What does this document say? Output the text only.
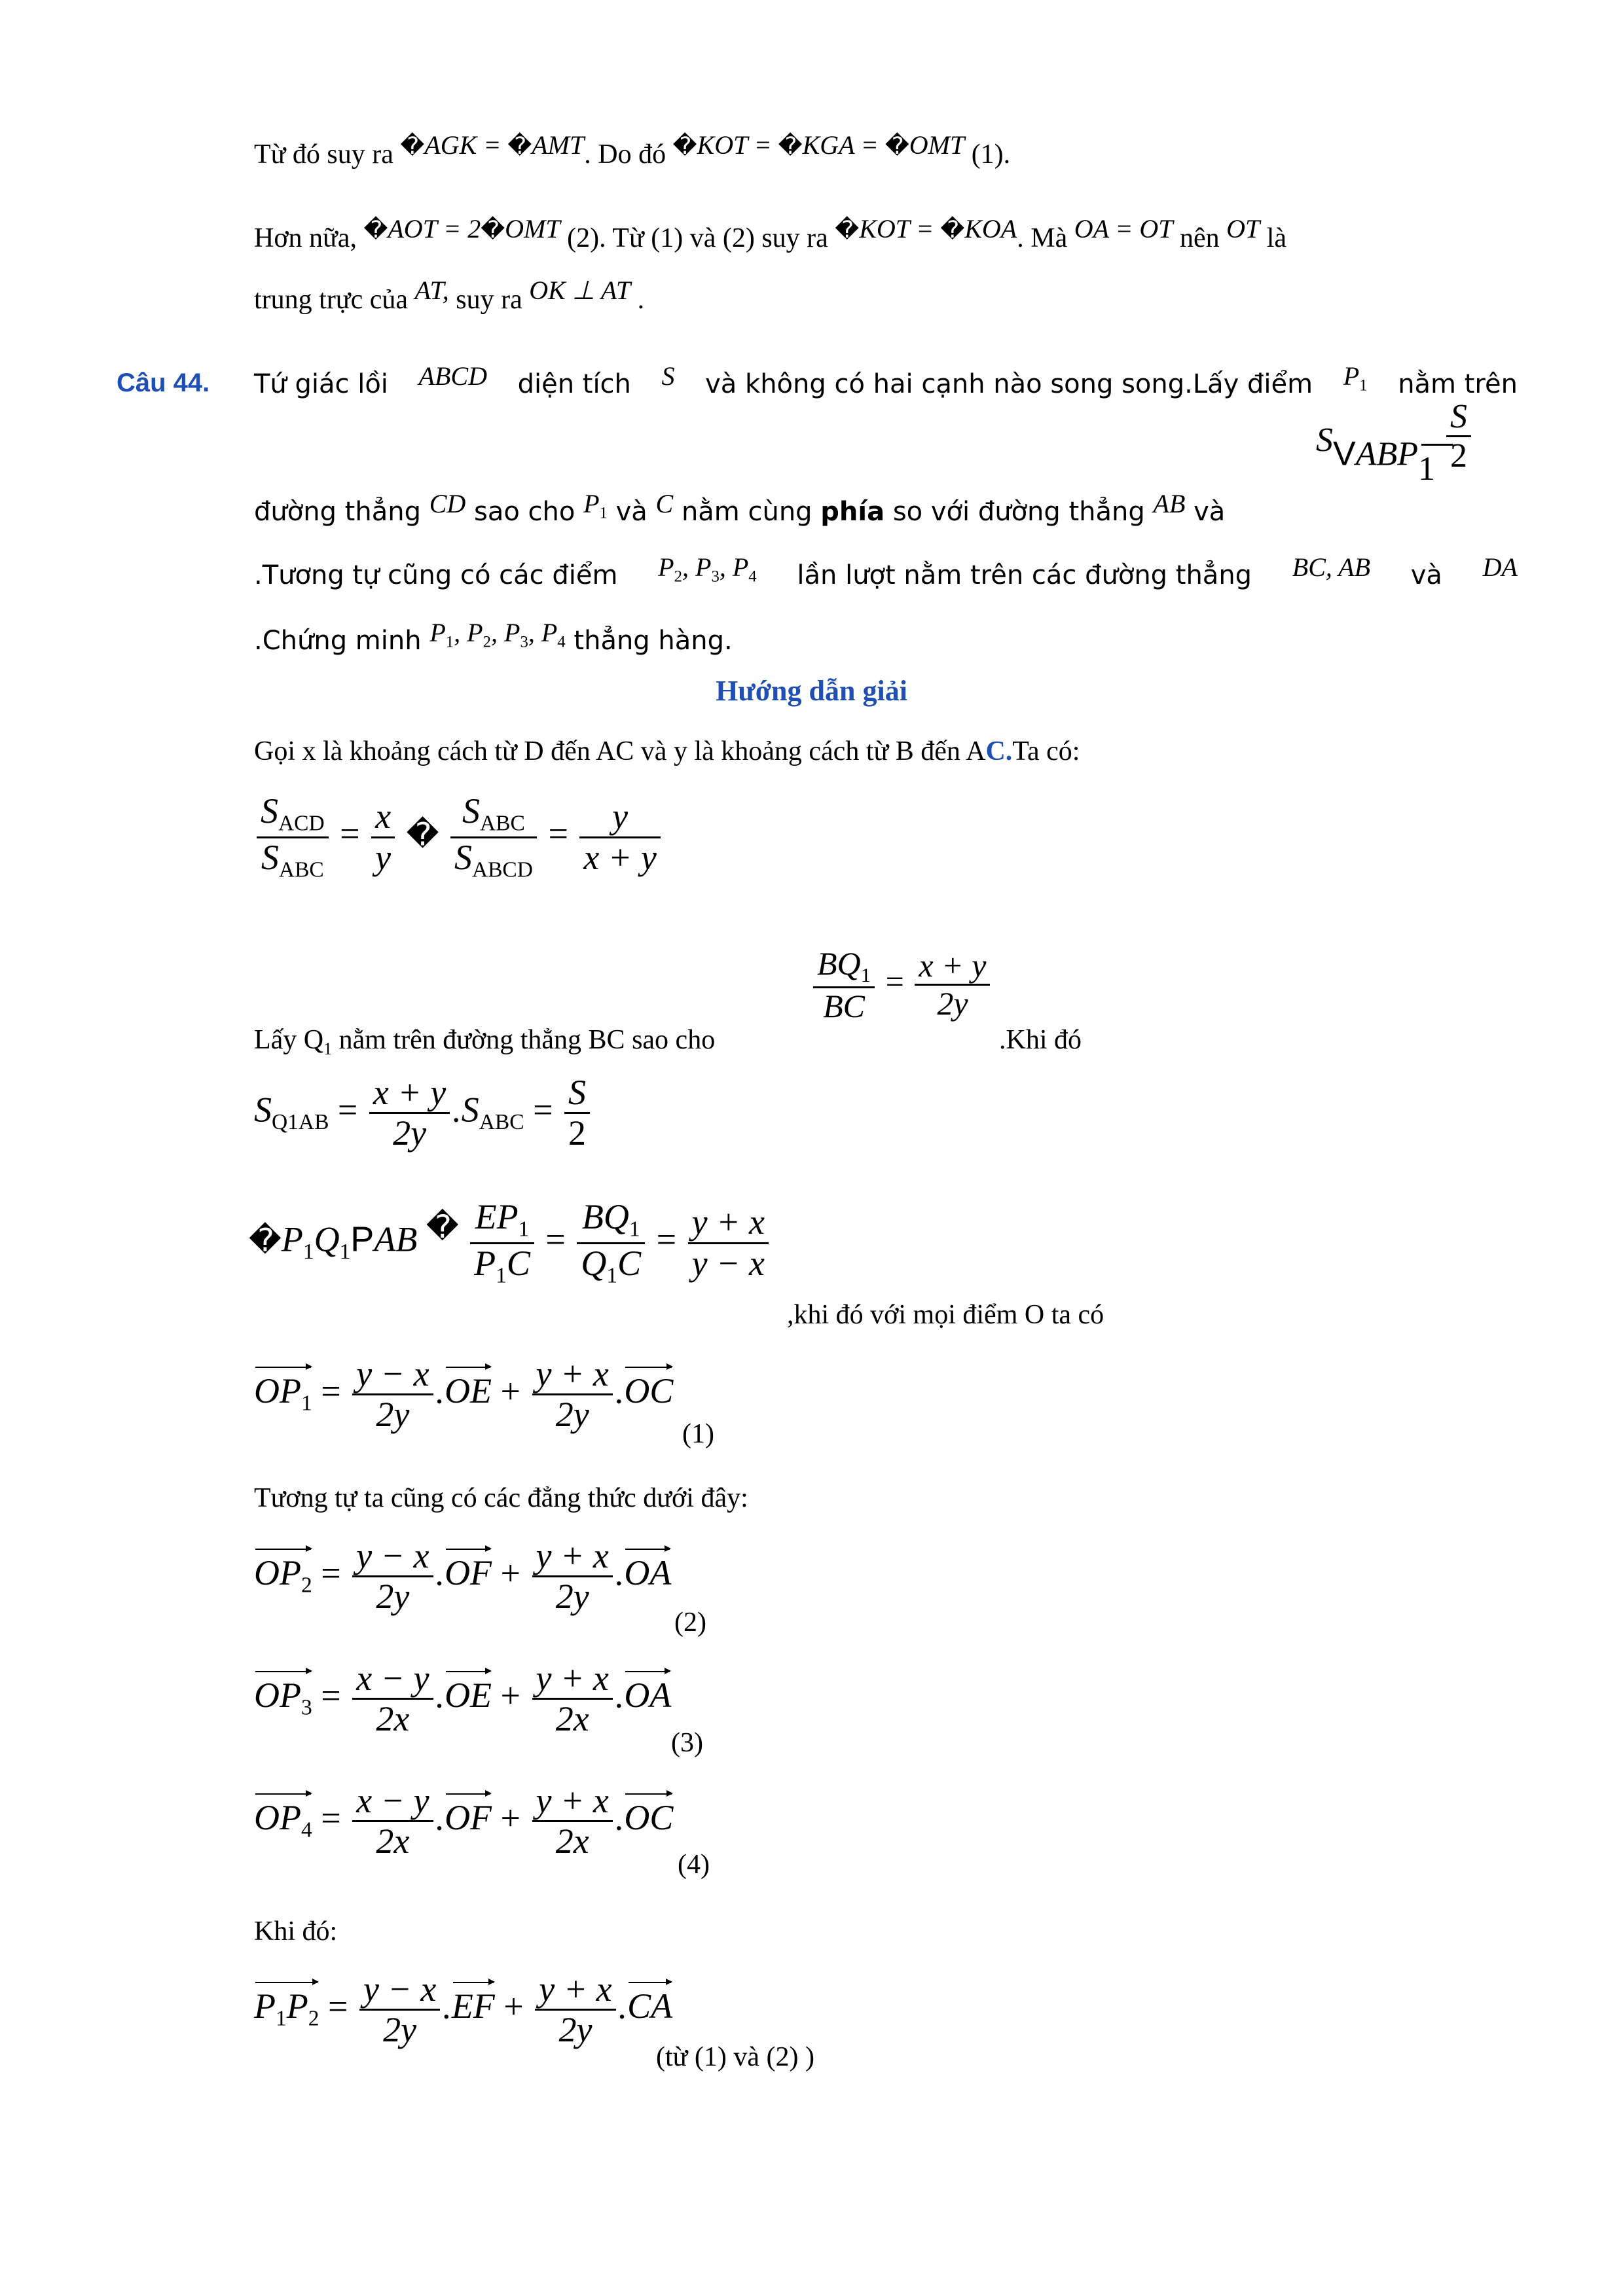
Từ đó suy ra �AGK = �AMT. Do đó �KOT = �KGA = �OMT (1).
Hơn nữa, �AOT = 2�OMT (2). Từ (1) và (2) suy ra �KOT = �KOA. Mà OA = OT nên OT là
trung trực của AT, suy ra OK ⊥ AT .
Câu 44. Tứ giác lồi ABCD diện tích S và không có hai cạnh nào song song.Lấy điểm $P_1$ nằm trên
đường thẳng CD sao cho $P_1$ và C nằm cùng phía so với đường thẳng AB và
SVABP1 $\frac{S}{2}$
.Tương tự cũng có các điểm $P_2$, $P_3$, $P_4$ lần lượt nằm trên các đường thẳng BC, AB và DA
.Chứng minh $P_1$, $P_2$, $P_3$, $P_4$ thẳng hàng.
Hướng dẫn giải
Gọi x là khoảng cách từ D đến AC và y là khoảng cách từ B đến AC.Ta có:
$\frac{S_{ACD}}{S_{ABC}} = \frac{x}{y}$ � $\frac{S_{ABC}}{S_{ABCD}} = \frac{y}{x + y}$
$\frac{BQ_1}{BC} = \frac{x + y}{2y}$
Lấy $Q_1$ nằm trên đường thẳng BC sao cho	.Khi đó
$S_{Q1AB} = \frac{x + y}{2y} .S_{ABC} = \frac{S}{2}$
$�P_1Q_1PAB$ � $\frac{EP_1}{P_1C} = \frac{BQ_1}{Q_1C} = \frac{y + x}{y - x}$
,khi đó với mọi điểm O ta có
$OP_1 = \frac{y - x}{2y} .OE + \frac{y + x}{2y} .OC$
(1)
Tương tự ta cũng có các đẳng thức dưới đây:
$OP_2 = \frac{y - x}{2y} .OF + \frac{y + x}{2y} .OA$
(2)
$OP_3 = \frac{x - y}{2x} .OE + \frac{y + x}{2x} .OA$
(3)
$OP_4 = \frac{x - y}{2x} .OF + \frac{y + x}{2x} .OC$
(4)
Khi đó:
$P_1P_2 = \frac{y - x}{2y} .EF + \frac{y + x}{2y} .CA$
(từ (1) và (2) )
